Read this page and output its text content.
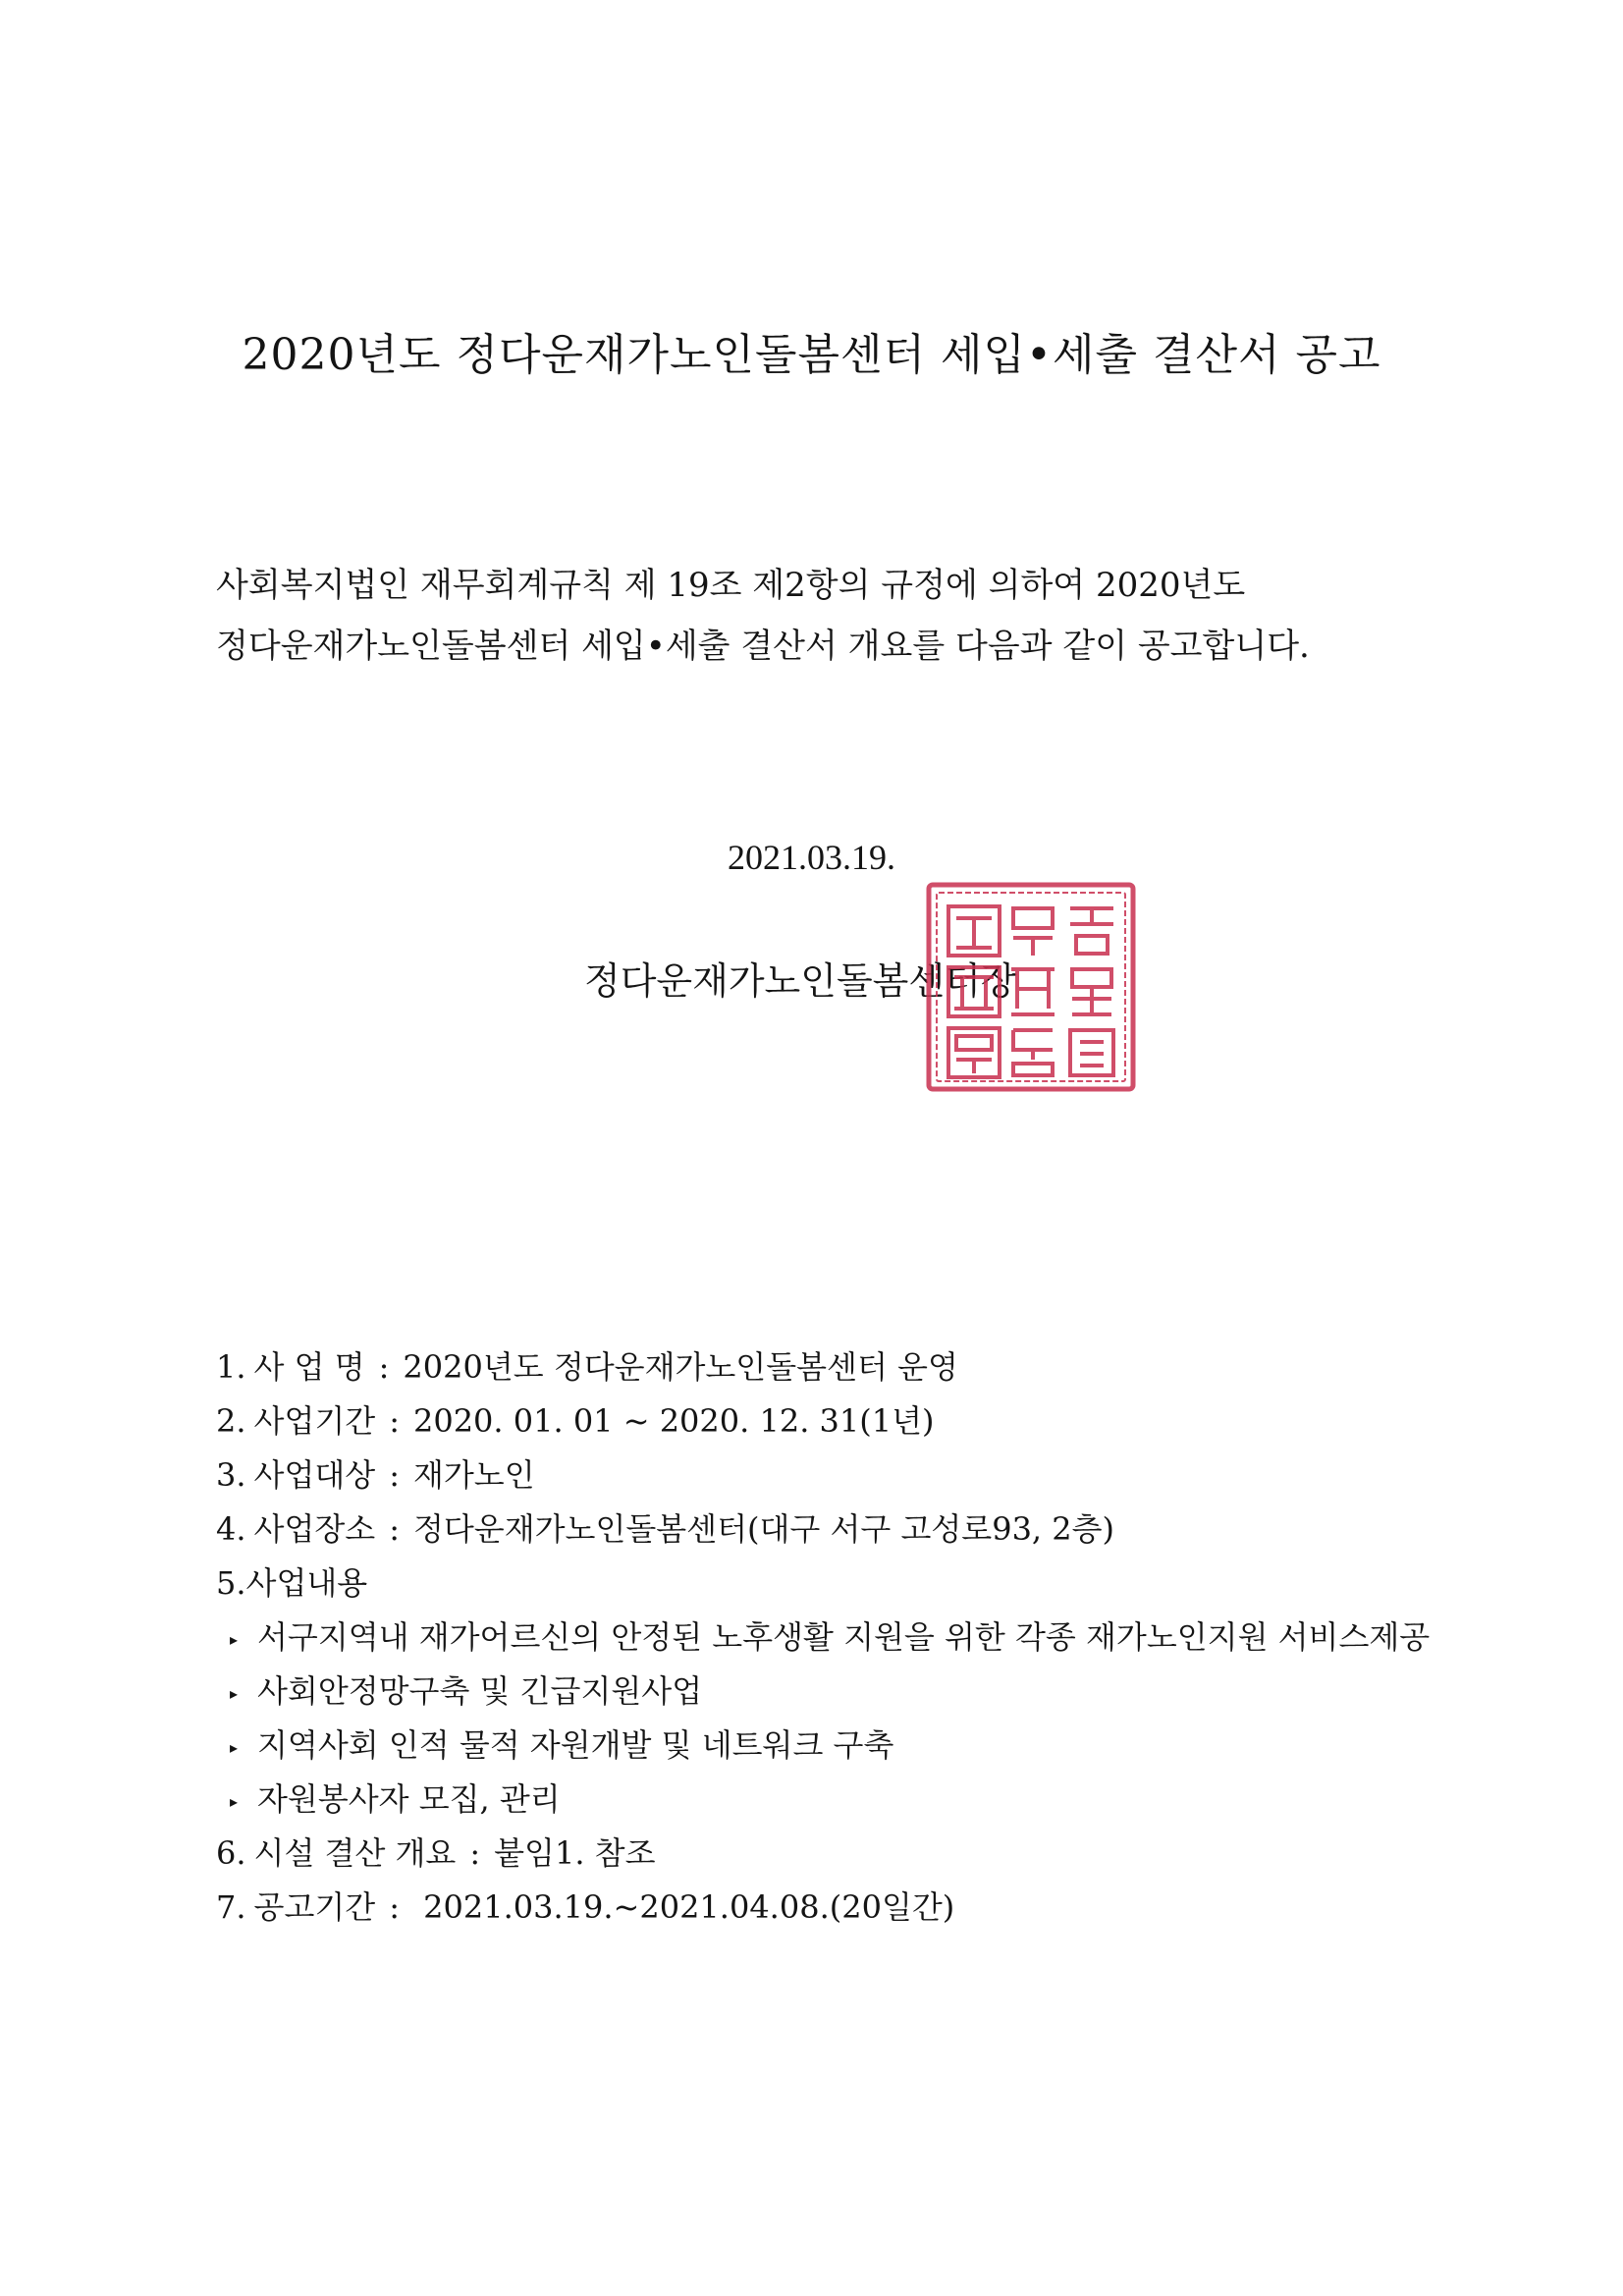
2020년도 정다운재가노인돌봄센터 세입•세출 결산서 공고
사회복지법인 재무회계규칙 제 19조 제2항의 규정에 의하여 2020년도
정다운재가노인돌봄센터 세입•세출 결산서 개요를 다음과 같이 공고합니다.
2021.03.19.
정다운재가노인돌봄센터장
1. 사 업 명 : 2020년도 정다운재가노인돌봄센터 운영
2. 사업기간 : 2020. 01. 01 ~ 2020. 12. 31(1년)
3. 사업대상 : 재가노인
4. 사업장소 : 정다운재가노인돌봄센터(대구 서구 고성로93, 2층)
5.사업내용
▸ 서구지역내 재가어르신의 안정된 노후생활 지원을 위한 각종 재가노인지원 서비스제공
▸ 사회안정망구축 및 긴급지원사업
▸ 지역사회 인적 물적 자원개발 및 네트워크 구축
▸ 자원봉사자 모집, 관리
6. 시설 결산 개요 : 붙임1. 참조
7. 공고기간 : 2021.03.19.~2021.04.08.(20일간)
